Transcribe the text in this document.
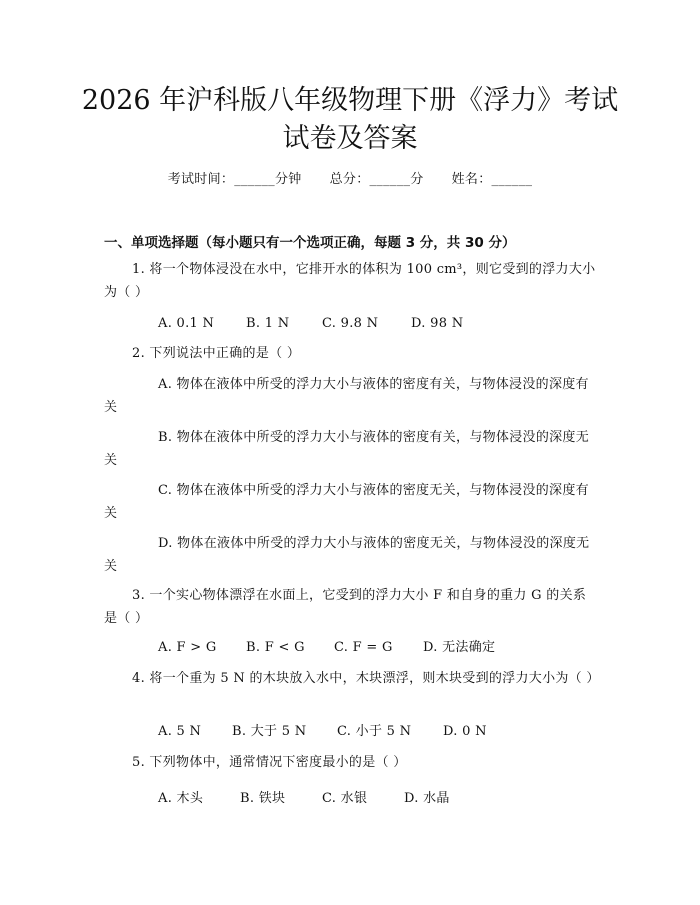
2026 年沪科版八年级物理下册《浮力》考试
试卷及答案
考试时间：______分钟 总分：______分 姓名：______
一、单项选择题（每小题只有一个选项正确，每题 3 分，共 30 分）
1. 将一个物体浸没在水中，它排开水的体积为 100 cm³，则它受到的浮力大小为（ ）
A. 0.1 N B. 1 N	C. 9.8 N	D. 98 N
2. 下列说法中正确的是（ ）
A. 物体在液体中所受的浮力大小与液体的密度有关，与物体浸没的深度有关
B. 物体在液体中所受的浮力大小与液体的密度有关，与物体浸没的深度无关
C. 物体在液体中所受的浮力大小与液体的密度无关，与物体浸没的深度有关
D. 物体在液体中所受的浮力大小与液体的密度无关，与物体浸没的深度无关
3. 一个实心物体漂浮在水面上，它受到的浮力大小 F 和自身的重力 G 的关系是（ ）
A. F > G B. F < G C. F = G D. 无法确定
4. 将一个重为 5 N 的木块放入水中，木块漂浮，则木块受到的浮力大小为（ ）
A. 5 N B. 大于 5 N C. 小于 5 N D. 0 N
5. 下列物体中，通常情况下密度最小的是（ ）
A. 木头	B. 铁块	C. 水银	D. 水晶
